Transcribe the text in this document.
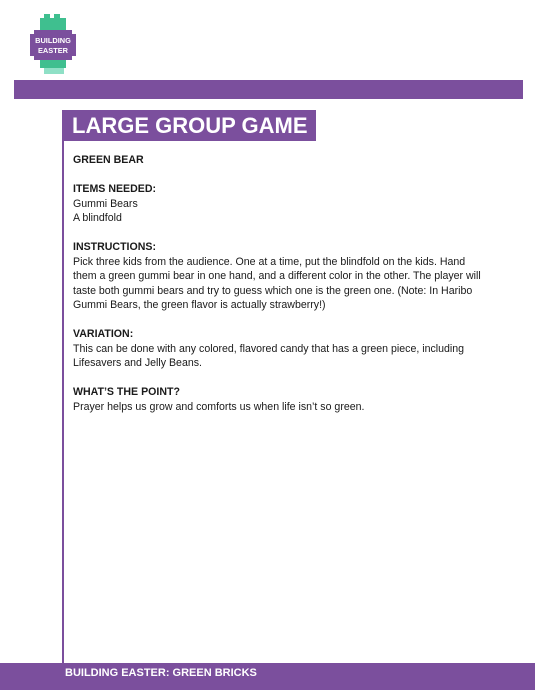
BUILDING
EASTER
LARGE GROUP GAME

GREEN BEAR

ITEMS NEEDED:

Gummi Bears

A blindfold

INSTRUCTIONS:

Pick three kids from the audience. One at a time, put the blindfold on the kids. Hand

them a green gummi bear in one hand, and a different color in the other. The player will

taste both gummi bears and try to guess which one is the green one. (Note: In Haribo

Gummi Bears, the green flavor is actually strawberry!)

VARIATION:

This can be done with any colored, flavored candy that has a green piece, including

Lifesavers and Jelly Beans.

WHAT’S THE POINT?

Prayer helps us grow and comforts us when life isn’t so green.

BUILDING EASTER: GREEN BRICKS
